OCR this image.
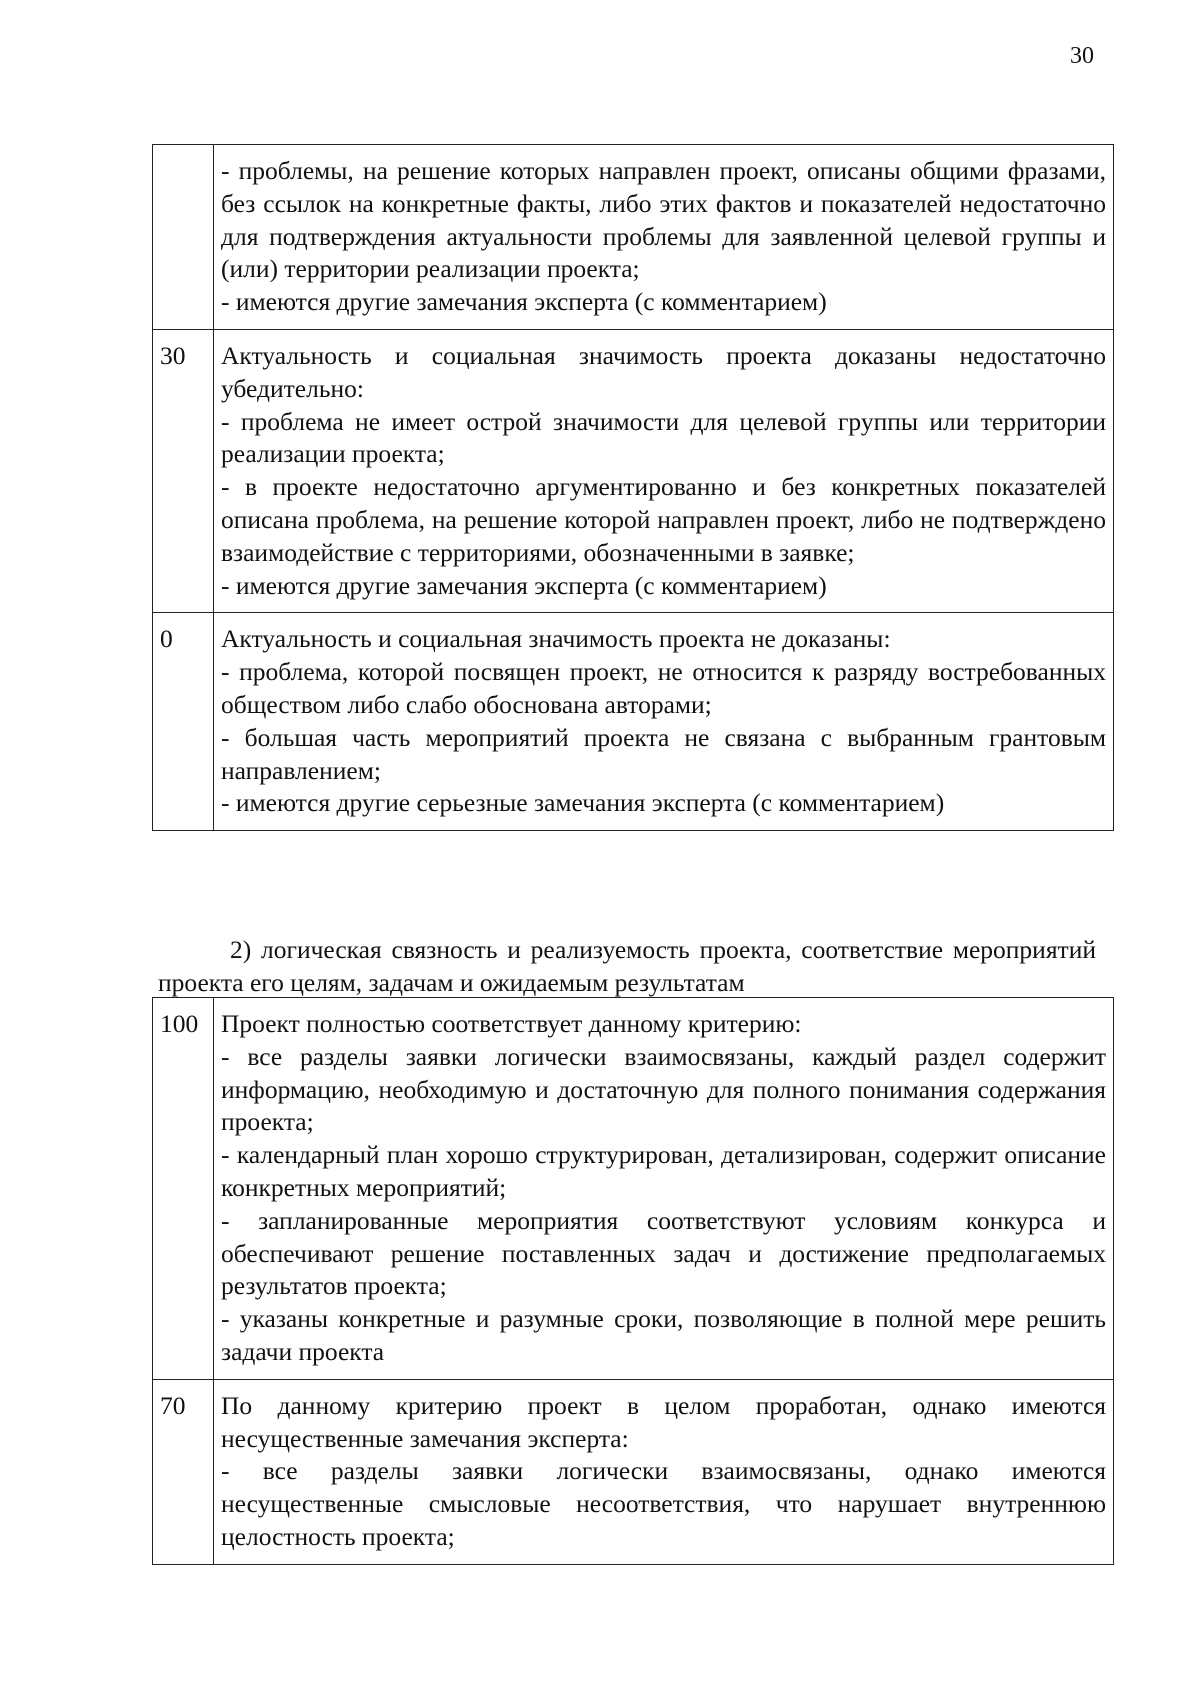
30

	- проблемы, на решение которых направлен проект, описаны общими фразами, без ссылок на конкретные факты, либо этих фактов и показателей недостаточно для подтверждения актуальности проблемы для заявленной целевой группы и (или) территории реализации проекта;
- имеются другие замечания эксперта (с комментарием)

30	Актуальность и социальная значимость проекта доказаны недостаточно убедительно:
- проблема не имеет острой значимости для целевой группы или территории реализации проекта;
- в проекте недостаточно аргументированно и без конкретных показателей описана проблема, на решение которой направлен проект, либо не подтверждено взаимодействие с территориями, обозначенными в заявке;
- имеются другие замечания эксперта (с комментарием)

0	Актуальность и социальная значимость проекта не доказаны:
- проблема, которой посвящен проект, не относится к разряду востребованных обществом либо слабо обоснована авторами;
- большая часть мероприятий проекта не связана с выбранным грантовым направлением;
- имеются другие серьезные замечания эксперта (с комментарием)
2) логическая связность и реализуемость проекта, соответствие мероприятий проекта его целям, задачам и ожидаемым результатам
100	Проект полностью соответствует данному критерию:
- все разделы заявки логически взаимосвязаны, каждый раздел содержит информацию, необходимую и достаточную для полного понимания содержания проекта;
- календарный план хорошо структурирован, детализирован, содержит описание конкретных мероприятий;
- запланированные мероприятия соответствуют условиям конкурса и обеспечивают решение поставленных задач и достижение предполагаемых результатов проекта;
- указаны конкретные и разумные сроки, позволяющие в полной мере решить задачи проекта

70	По данному критерию проект в целом проработан, однако имеются несущественные замечания эксперта:
- все разделы заявки логически взаимосвязаны, однако имеются несущественные смысловые несоответствия, что нарушает внутреннюю целостность проекта;
